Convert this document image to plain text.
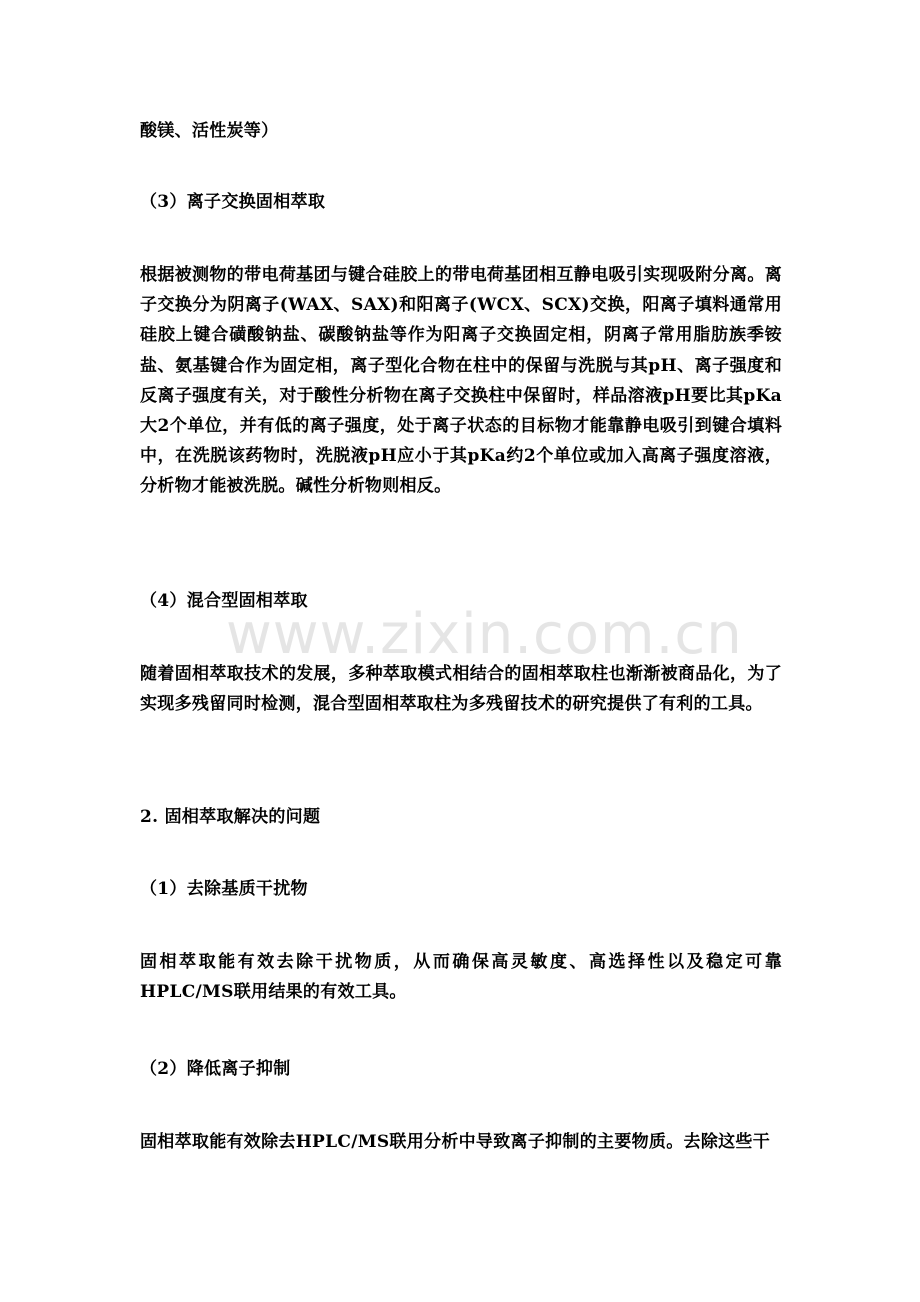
酸镁、活性炭等）
（3）离子交换固相萃取
根据被测物的带电荷基团与键合硅胶上的带电荷基团相互静电吸引实现吸附分离。离子交换分为阴离子(WAX、SAX)和阳离子(WCX、SCX)交换，阳离子填料通常用硅胶上键合磺酸钠盐、碳酸钠盐等作为阳离子交换固定相，阴离子常用脂肪族季铵盐、氨基键合作为固定相，离子型化合物在柱中的保留与洗脱与其pH、离子强度和反离子强度有关，对于酸性分析物在离子交换柱中保留时，样品溶液pH要比其pKa大2个单位，并有低的离子强度，处于离子状态的目标物才能靠静电吸引到键合填料中，在洗脱该药物时，洗脱液pH应小于其pKa约2个单位或加入高离子强度溶液，分析物才能被洗脱。碱性分析物则相反。
（4）混合型固相萃取
随着固相萃取技术的发展，多种萃取模式相结合的固相萃取柱也渐渐被商品化，为了实现多残留同时检测，混合型固相萃取柱为多残留技术的研究提供了有利的工具。
2. 固相萃取解决的问题
（1）去除基质干扰物
固相萃取能有效去除干扰物质，从而确保高灵敏度、高选择性以及稳定可靠HPLC/MS联用结果的有效工具。
（2）降低离子抑制
固相萃取能有效除去HPLC/MS联用分析中导致离子抑制的主要物质。去除这些干
www.zixin.com.cn
